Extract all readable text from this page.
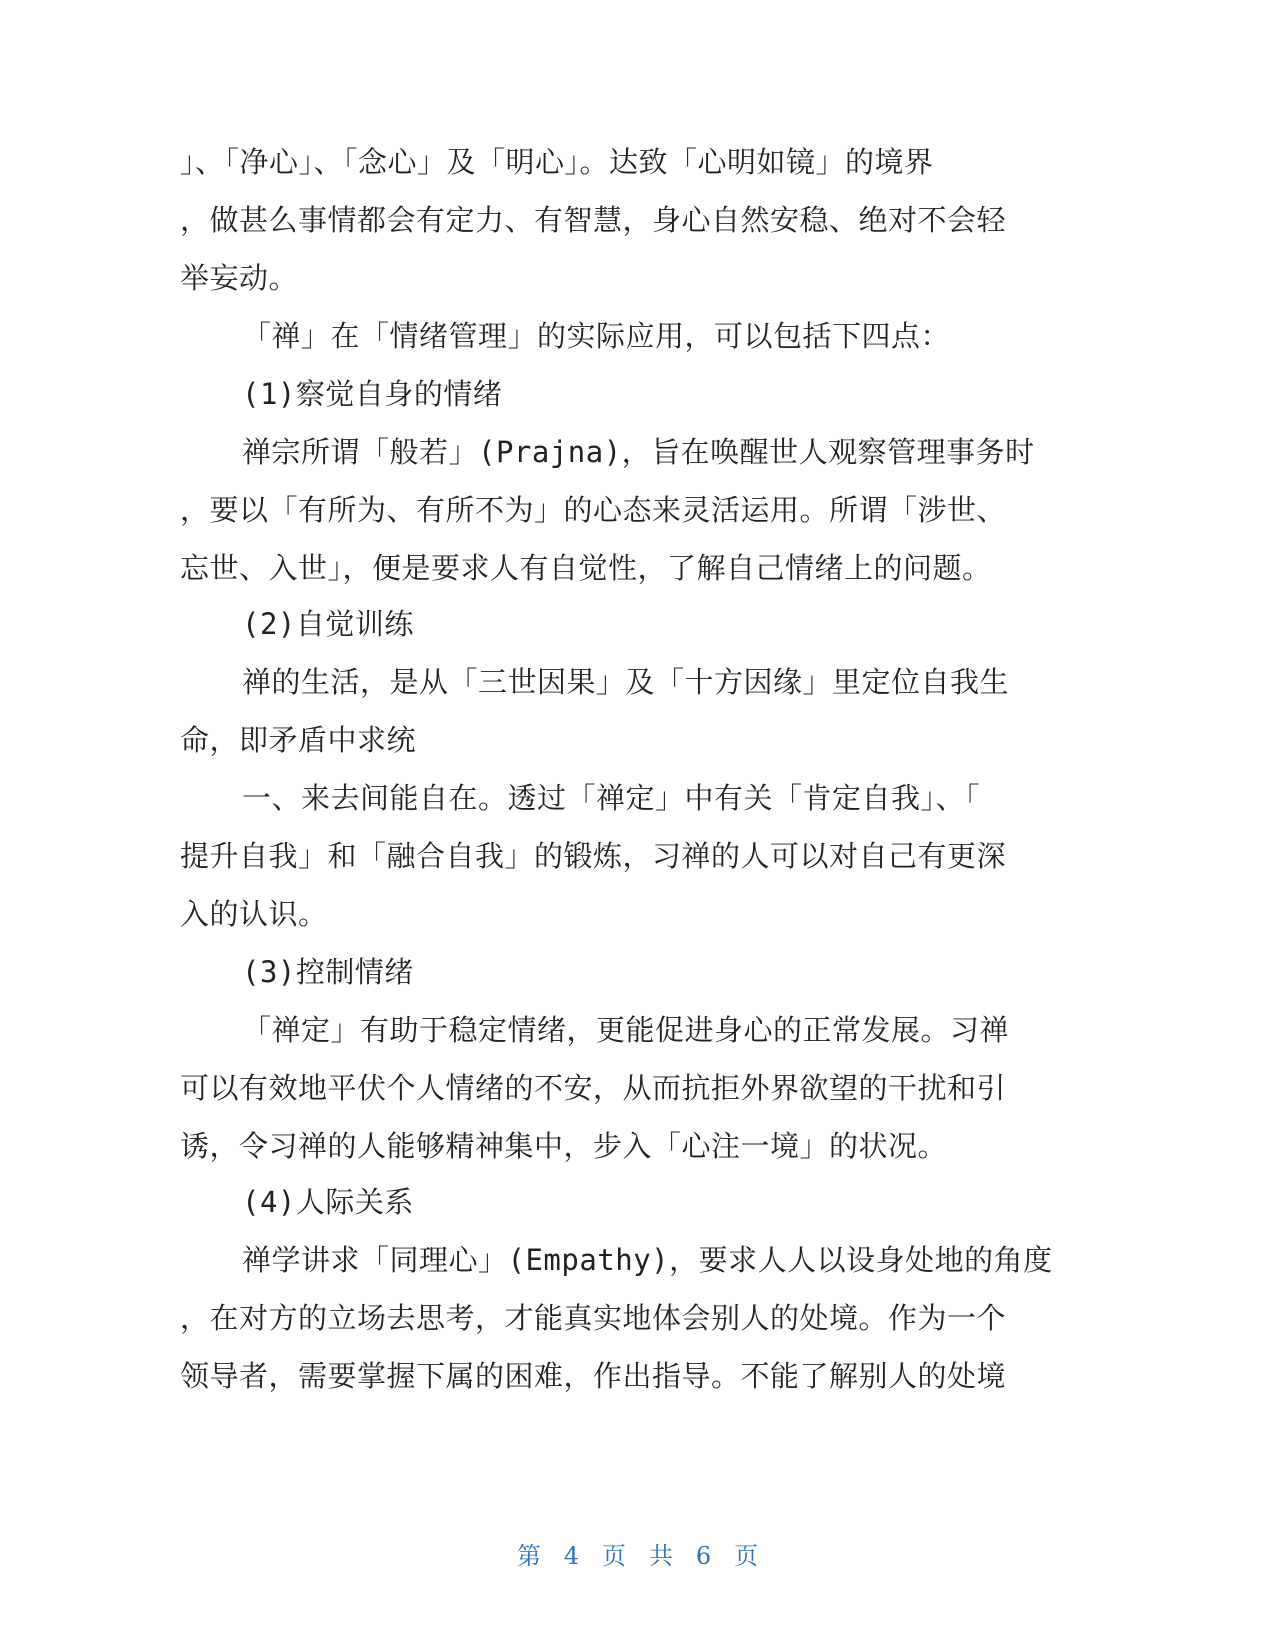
」、「净心」、「念心」及「明心」。达致「心明如镜」的境界
，做甚么事情都会有定力、有智慧，身心自然安稳、绝对不会轻
举妄动。
「禅」在「情绪管理」的实际应用，可以包括下四点：
(1)察觉自身的情绪
禅宗所谓「般若」(Prajna)，旨在唤醒世人观察管理事务时
，要以「有所为、有所不为」的心态来灵活运用。所谓「涉世、
忘世、入世」，便是要求人有自觉性，了解自己情绪上的问题。
(2)自觉训练
禅的生活，是从「三世因果」及「十方因缘」里定位自我生
命，即矛盾中求统
一、来去间能自在。透过「禅定」中有关「肯定自我」、「
提升自我」和「融合自我」的锻炼，习禅的人可以对自己有更深
入的认识。
(3)控制情绪
「禅定」有助于稳定情绪，更能促进身心的正常发展。习禅
可以有效地平伏个人情绪的不安，从而抗拒外界欲望的干扰和引
诱，令习禅的人能够精神集中，步入「心注一境」的状况。
(4)人际关系
禅学讲求「同理心」(Empathy)，要求人人以设身处地的角度
，在对方的立场去思考，才能真实地体会别人的处境。作为一个
领导者，需要掌握下属的困难，作出指导。不能了解别人的处境
第 4 页 共 6 页
